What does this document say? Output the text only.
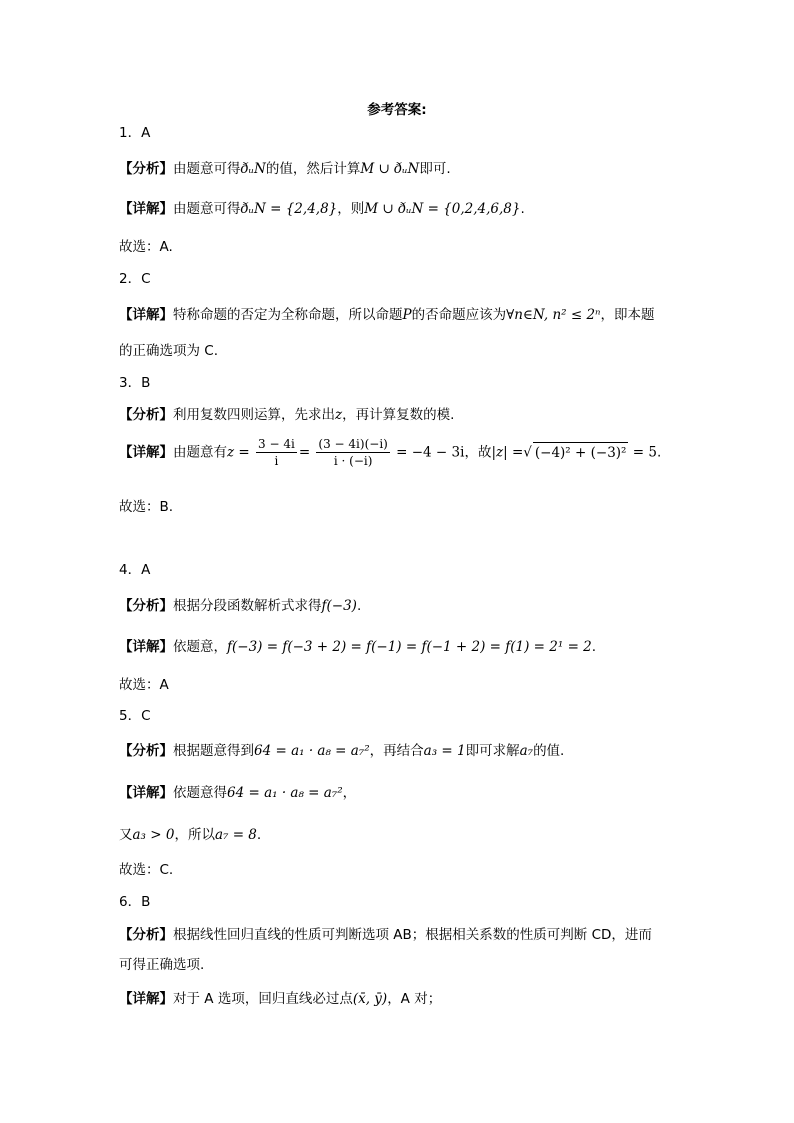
参考答案:
1．A
【分析】由题意可得ðᵤN的值，然后计算M ∪ ðᵤN即可.
【详解】由题意可得ðᵤN = {2,4,8}，则M ∪ ðᵤN = {0,2,4,6,8}.
故选：A.
2．C
【详解】特称命题的否定为全称命题，所以命题P的否命题应该为∀n∈N, n² ≤ 2ⁿ，即本题
的正确选项为 C.
3．B
【分析】利用复数四则运算，先求出z，再计算复数的模.
【详解】由题意有$z = \frac{3 - 4i}{i} = \frac{(3 - 4i)(-i)}{i \cdot (-i)} = -4 - 3i$，故|z| =√ (−4)² + (−3)² = 5.
故选：B.
4．A
【分析】根据分段函数解析式求得f(−3).
【详解】依题意，f(−3) = f(−3 + 2) = f(−1) = f(−1 + 2) = f(1) = 2¹ = 2.
故选：A
5．C
【分析】根据题意得到64 = a₁ · a₈ = a₇²，再结合a₃ = 1即可求解a₇的值.
【详解】依题意得64 = a₁ · a₈ = a₇²，
又a₃ > 0，所以a₇ = 8.
故选：C.
6．B
【分析】根据线性回归直线的性质可判断选项 AB；根据相关系数的性质可判断 CD，进而
可得正确选项.
【详解】对于 A 选项，回归直线必过点(x̄, ȳ)，A 对；
